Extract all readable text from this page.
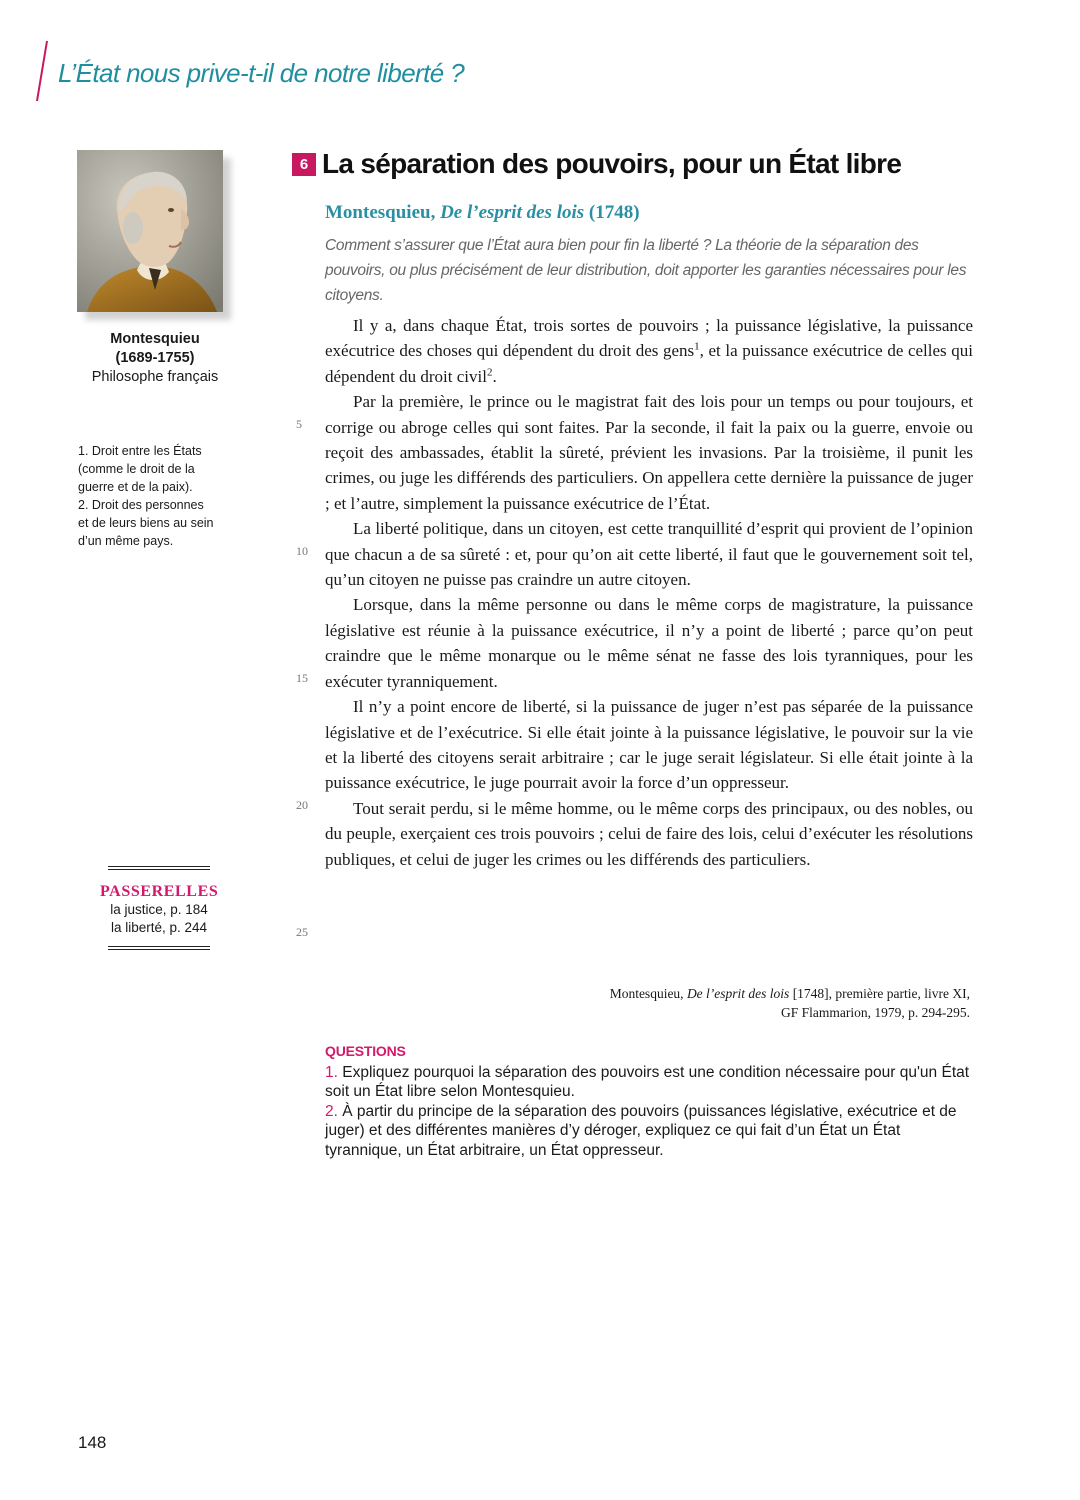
L’État nous prive-t-il de notre liberté ?
Montesquieu
(1689-1755)
Philosophe français
1. Droit entre les États
(comme le droit de la
guerre et de la paix).
2. Droit des personnes
et de leurs biens au sein
d’un même pays.
PASSERELLES
la justice, p. 184
la liberté, p. 244
6 La séparation des pouvoirs, pour un État libre
Montesquieu, De l’esprit des lois (1748)
Comment s’assurer que l’État aura bien pour fin la liberté ? La théorie de la séparation des pouvoirs, ou plus précisément de leur distribution, doit apporter les garanties nécessaires pour les citoyens.

Il y a, dans chaque État, trois sortes de pouvoirs ; la puissance législative, la puissance exécutrice des choses qui dépendent du droit des gens$^1$, et la puissance exécutrice de celles qui dépendent du droit civil$^2$.

Par la première, le prince ou le magistrat fait des lois pour un temps ou pour toujours, et corrige ou abroge celles qui sont faites. Par la seconde, il fait la paix ou la guerre, envoie ou reçoit des ambassades, établit la sûreté, prévient les invasions. Par la troisième, il punit les crimes, ou juge les différends des particuliers. On appellera cette dernière la puissance de juger ; et l’autre, simplement la puissance exécutrice de l’État.

La liberté politique, dans un citoyen, est cette tranquillité d’esprit qui provient de l’opinion que chacun a de sa sûreté : et, pour qu’on ait cette liberté, il faut que le gouvernement soit tel, qu’un citoyen ne puisse pas craindre un autre citoyen.

Lorsque, dans la même personne ou dans le même corps de magistrature, la puissance législative est réunie à la puissance exécutrice, il n’y a point de liberté ; parce qu’on peut craindre que le même monarque ou le même sénat ne fasse des lois tyranniques, pour les exécuter tyranniquement.

Il n’y a point encore de liberté, si la puissance de juger n’est pas séparée de la puissance législative et de l’exécutrice. Si elle était jointe à la puissance législative, le pouvoir sur la vie et la liberté des citoyens serait arbitraire ; car le juge serait législateur. Si elle était jointe à la puissance exécutrice, le juge pourrait avoir la force d’un oppresseur.

Tout serait perdu, si le même homme, ou le même corps des principaux, ou des nobles, ou du peuple, exerçaient ces trois pouvoirs ; celui de faire des lois, celui d’exécuter les résolutions publiques, et celui de juger les crimes ou les différends des particuliers.

5
10
15
20
25
Montesquieu, De l’esprit des lois [1748], première partie, livre XI,
GF Flammarion, 1979, p. 294-295.
QUESTIONS
1. Expliquez pourquoi la séparation des pouvoirs est une condition nécessaire pour qu'un État soit un État libre selon Montesquieu.
2. À partir du principe de la séparation des pouvoirs (puissances législative, exécutrice et de juger) et des différentes manières d’y déroger, expliquez ce qui fait d’un État un État tyrannique, un État arbitraire, un État oppresseur.
148
